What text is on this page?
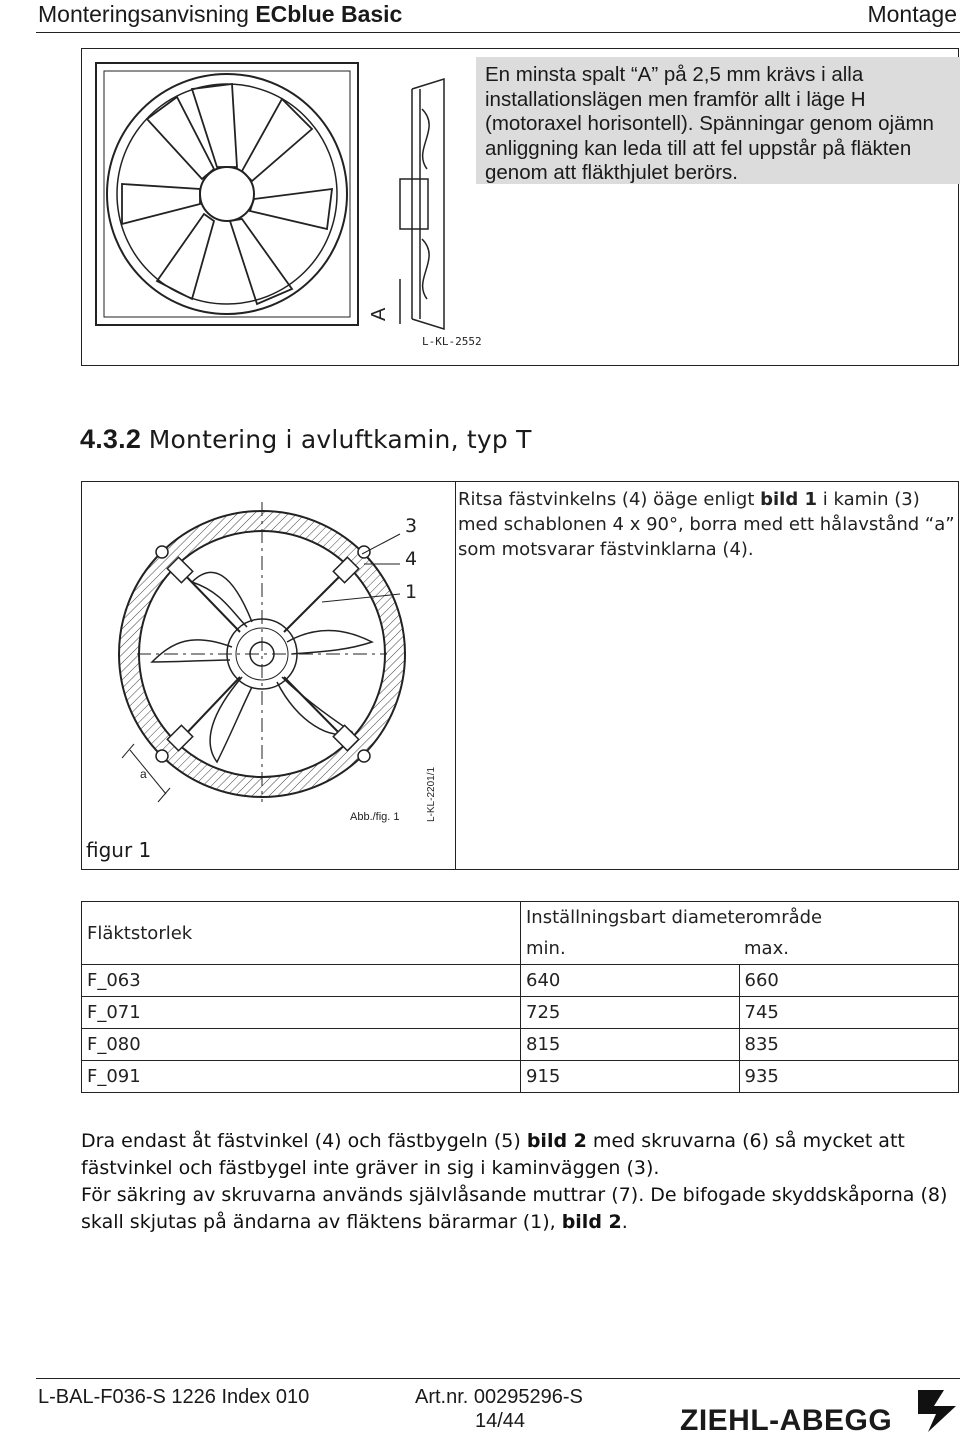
Monteringsanvisning ECblue Basic	Montage
A
L-KL-2552
En minsta spalt “A” på 2,5 mm krävs i alla installationslägen men framför allt i läge H (motoraxel horisontell). Spänningar genom ojämn anliggning kan leda till att fel uppstår på fläkten genom att fläkthjulet berörs.
4.3.2 Montering i avluftkamin, typ T
a
Abb./fig. 1	L-KL-2201/1
3
4
1
Ritsa fästvinkelns (4) öäge enligt bild 1 i kamin (3) med schablonen 4 x 90°, borra med ett hålavstånd “a” som motsvarar fästvinklarna (4).
figur 1
Fläktstorlek	Inställningsbart diameterområde	
	min.	max.
F_063	640	660
F_071	725	745
F_080	815	835
F_091	915	935
Dra endast åt fästvinkel (4) och fästbygeln (5) bild 2 med skruvarna (6) så mycket att fästvinkel och fästbygel inte gräver in sig i kaminväggen (3).
För säkring av skruvarna används självlåsande muttrar (7). De bifogade skyddskåporna (8) skall skjutas på ändarna av fläktens bärarmar (1), bild 2.
L-BAL-F036-S 1226 Index 010	Art.nr. 00295296-S
14/44	ZIEHL-ABEGG
